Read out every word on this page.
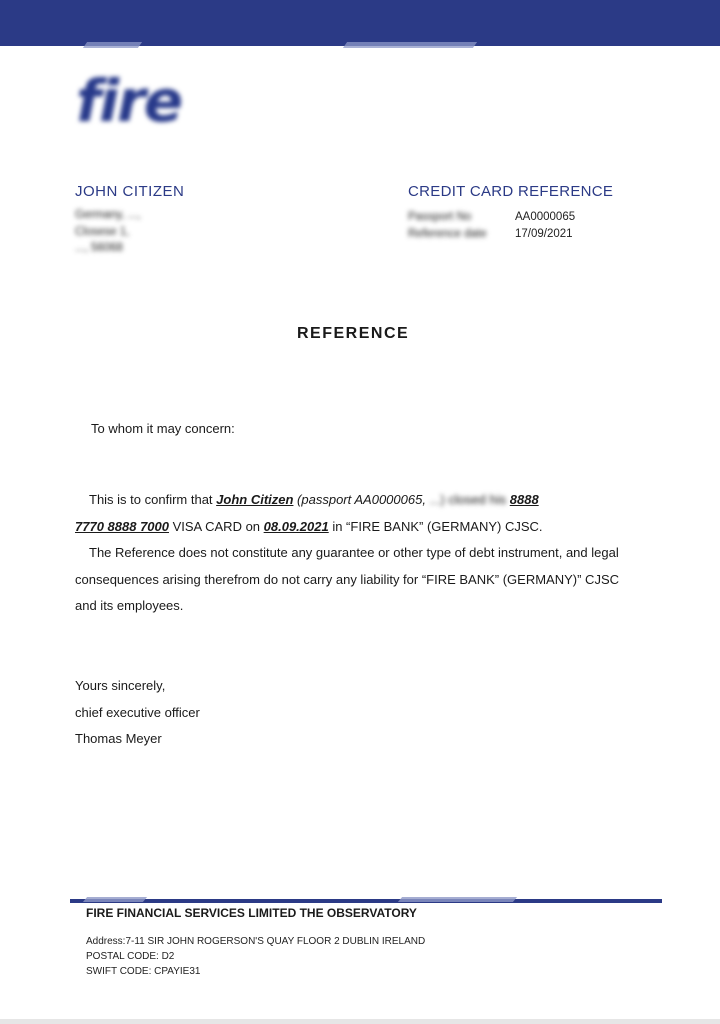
fire
JOHN CITIZEN
Germany, ...,
Closese 1,
..., 56068
CREDIT CARD REFERENCE
Passport No	AA0000065
Reference date 17/09/2021
REFERENCE
To whom it may concern:
This is to confirm that John Citizen (passport AA0000065, ...) closed his 8888
7770 8888 7000 VISA CARD on 08.09.2021 in “FIRE BANK” (GERMANY) CJSC.
The Reference does not constitute any guarantee or other type of debt instrument, and legal consequences arising therefrom do not carry any liability for “FIRE BANK” (GERMANY)” CJSC and its employees.
Yours sincerely,
chief executive officer
Thomas Meyer
FIRE FINANCIAL SERVICES LIMITED THE OBSERVATORY
Address:7-11 SIR JOHN ROGERSON'S QUAY FLOOR 2 DUBLIN IRELAND
POSTAL CODE: D2
SWIFT CODE: CPAYIE31
